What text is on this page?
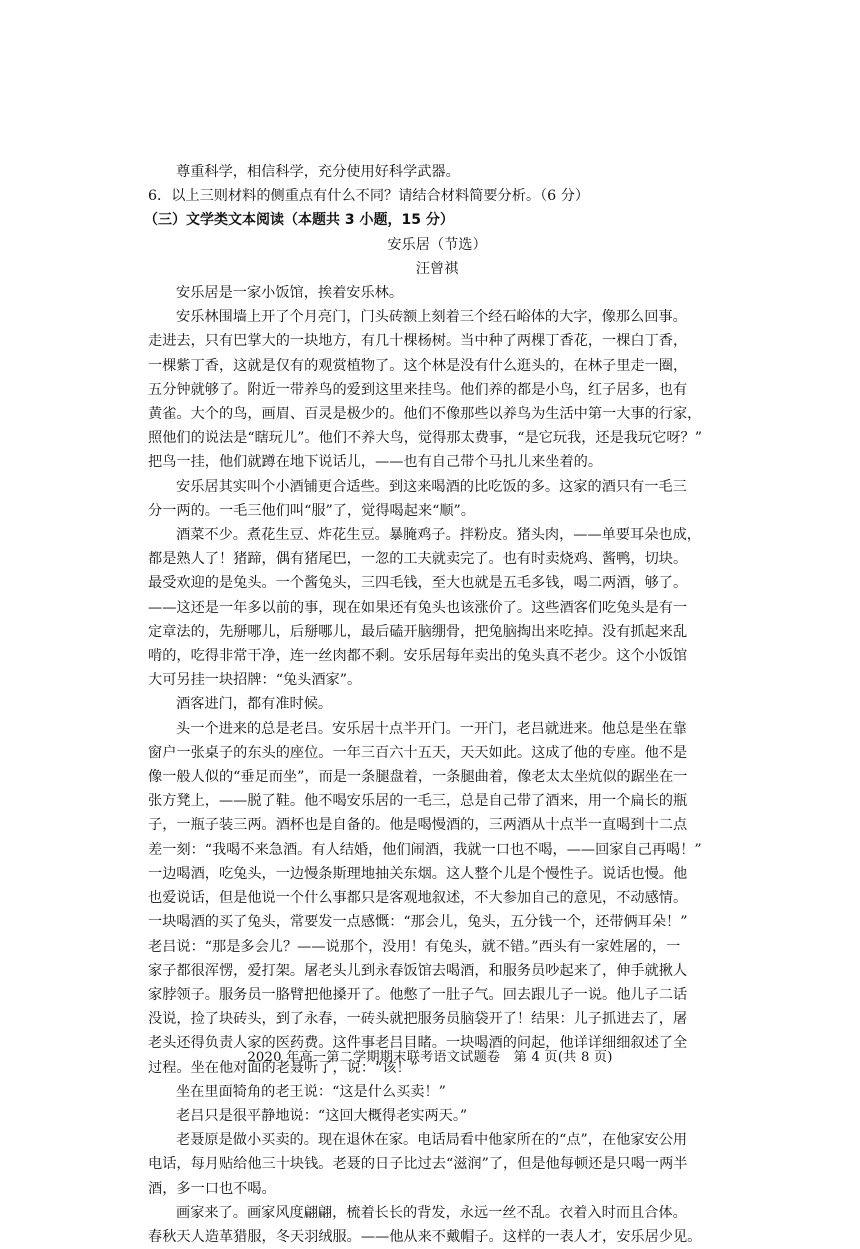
尊重科学，相信科学，充分使用好科学武器。
6．以上三则材料的侧重点有什么不同？请结合材料简要分析。（6 分）
（三）文学类文本阅读（本题共 3 小题，15 分）
安乐居（节选）
汪曾祺
安乐居是一家小饭馆，挨着安乐林。
安乐林围墙上开了个月亮门，门头砖额上刻着三个经石峪体的大字，像那么回事。
走进去，只有巴掌大的一块地方，有几十棵杨树。当中种了两棵丁香花，一棵白丁香，
一棵紫丁香，这就是仅有的观赏植物了。这个林是没有什么逛头的，在林子里走一圈，
五分钟就够了。附近一带养鸟的爱到这里来挂鸟。他们养的都是小鸟，红子居多，也有
黄雀。大个的鸟，画眉、百灵是极少的。他们不像那些以养鸟为生活中第一大事的行家，
照他们的说法是“瞎玩儿”。他们不养大鸟，觉得那太费事，“是它玩我，还是我玩它呀？”
把鸟一挂，他们就蹲在地下说话儿，——也有自己带个马扎儿来坐着的。
安乐居其实叫个小酒铺更合适些。到这来喝酒的比吃饭的多。这家的酒只有一毛三
分一两的。一毛三他们叫“服”了，觉得喝起来“顺”。
酒菜不少。煮花生豆、炸花生豆。暴腌鸡子。拌粉皮。猪头肉，——单要耳朵也成，
都是熟人了！猪蹄，偶有猪尾巴，一忽的工夫就卖完了。也有时卖烧鸡、酱鸭，切块。
最受欢迎的是兔头。一个酱兔头，三四毛钱，至大也就是五毛多钱，喝二两酒，够了。
——这还是一年多以前的事，现在如果还有兔头也该涨价了。这些酒客们吃兔头是有一
定章法的，先掰哪儿，后掰哪儿，最后磕开脑绷骨，把兔脑掏出来吃掉。没有抓起来乱
啃的，吃得非常干净，连一丝肉都不剩。安乐居每年卖出的兔头真不老少。这个小饭馆
大可另挂一块招牌：“兔头酒家”。
酒客进门，都有准时候。
头一个进来的总是老吕。安乐居十点半开门。一开门，老吕就进来。他总是坐在靠
窗户一张桌子的东头的座位。一年三百六十五天，天天如此。这成了他的专座。他不是
像一般人似的“垂足而坐”，而是一条腿盘着，一条腿曲着，像老太太坐炕似的踞坐在一
张方凳上，——脱了鞋。他不喝安乐居的一毛三，总是自己带了酒来，用一个扁长的瓶
子，一瓶子装三两。酒杯也是自备的。他是喝慢酒的，三两酒从十点半一直喝到十二点
差一刻：“我喝不来急酒。有人结婚，他们闹酒，我就一口也不喝，——回家自己再喝！”
一边喝酒，吃兔头，一边慢条斯理地抽关东烟。这人整个儿是个慢性子。说话也慢。他
也爱说话，但是他说一个什么事都只是客观地叙述，不大参加自己的意见，不动感情。
一块喝酒的买了兔头，常要发一点感慨：“那会儿，兔头，五分钱一个，还带俩耳朵！”
老吕说：“那是多会儿？——说那个，没用！有兔头，就不错。”西头有一家姓屠的，一
家子都很浑愣，爱打架。屠老头儿到永春饭馆去喝酒，和服务员吵起来了，伸手就揪人
家脖领子。服务员一胳臂把他搡开了。他憋了一肚子气。回去跟儿子一说。他儿子二话
没说，捡了块砖头，到了永春，一砖头就把服务员脑袋开了！结果：儿子抓进去了，屠
老头还得负责人家的医药费。这件事老吕目睹。一块喝酒的问起，他详详细细叙述了全
过程。坐在他对面的老聂听了，说：“该！”
坐在里面犄角的老王说：“这是什么买卖！”
老吕只是很平静地说：“这回大概得老实两天。”
老聂原是做小买卖的。现在退休在家。电话局看中他家所在的“点”，在他家安公用
电话，每月贴给他三十块钱。老聂的日子比过去“滋润”了，但是他每顿还是只喝一两半
酒，多一口也不喝。
画家来了。画家风度翩翩，梳着长长的背发，永远一丝不乱。衣着入时而且合体。
春秋天人造革猎服，冬天羽绒服。——他从来不戴帽子。这样的一表人才，安乐居少见。
2020 年高一第二学期期末联考语文试题卷　第 4 页(共 8 页)
